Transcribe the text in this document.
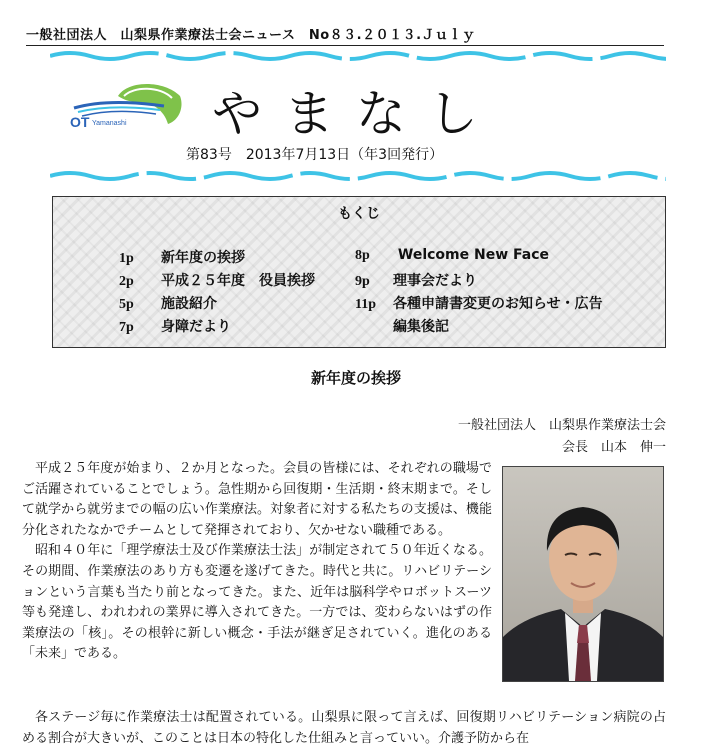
一般社団法人　山梨県作業療法士会ニュース　No８３.２０１３.Ｊｕｌｙ
OT Yamanashi やまなし
第83号　2013年7月13日（年3回発行）
もくじ
1p 新年度の挨拶
2p 平成２５年度　役員挨拶
5p 施設紹介
7p 身障だより
8p Welcome New Face
9p 理事会だより
11p 各種申請書変更のお知らせ・広告
編集後記
新年度の挨拶
一般社団法人　山梨県作業療法士会
会長　山本　伸一

平成２５年度が始まり、２か月となった。会員の皆様には、それぞれの職場でご活躍されていることでしょう。急性期から回復期・生活期・終末期まで。そして就学から就労までの幅の広い作業療法。対象者に対する私たちの支援は、機能分化されたなかでチームとして発揮されており、欠かせない職種である。

昭和４０年に「理学療法士及び作業療法士法」が制定されて５０年近くなる。その期間、作業療法のあり方も変遷を遂げてきた。時代と共に。リハビリテーションという言葉も当たり前となってきた。また、近年は脳科学やロボットスーツ等も発達し、われわれの業界に導入されてきた。一方では、変わらないはずの作業療法の「核」。その根幹に新しい概念・手法が継ぎ足されていく。進化のある「未来」である。

各ステージ毎に作業療法士は配置されている。山梨県に限って言えば、回復期リハビリテーション病院の占める割合が大きいが、このことは日本の特化した仕組みと言っていい。介護予防から在
